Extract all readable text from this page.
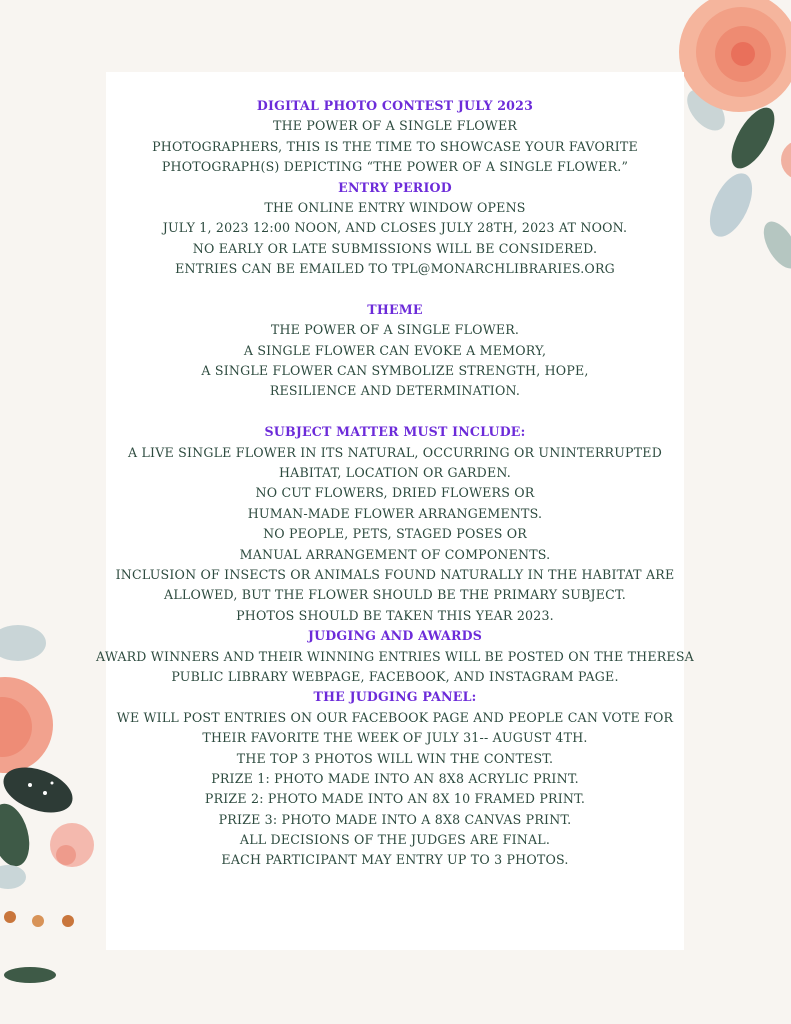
DIGITAL PHOTO CONTEST JULY 2023
THE POWER OF A SINGLE FLOWER
PHOTOGRAPHERS, THIS IS THE TIME TO SHOWCASE YOUR FAVORITE
PHOTOGRAPH(S) DEPICTING “THE POWER OF A SINGLE FLOWER.”
ENTRY PERIOD
THE ONLINE ENTRY WINDOW OPENS
JULY 1, 2023 12:00 NOON, AND CLOSES JULY 28TH, 2023 AT NOON.
NO EARLY OR LATE SUBMISSIONS WILL BE CONSIDERED.
ENTRIES CAN BE EMAILED TO TPL@MONARCHLIBRARIES.ORG
THEME
THE POWER OF A SINGLE FLOWER.
A SINGLE FLOWER CAN EVOKE A MEMORY,
A SINGLE FLOWER CAN SYMBOLIZE STRENGTH, HOPE,
RESILIENCE AND DETERMINATION.
SUBJECT MATTER MUST INCLUDE:
A LIVE SINGLE FLOWER IN ITS NATURAL, OCCURRING OR UNINTERRUPTED
HABITAT, LOCATION OR GARDEN.
NO CUT FLOWERS, DRIED FLOWERS OR
HUMAN-MADE FLOWER ARRANGEMENTS.
NO PEOPLE, PETS, STAGED POSES OR
MANUAL ARRANGEMENT OF COMPONENTS.
INCLUSION OF INSECTS OR ANIMALS FOUND NATURALLY IN THE HABITAT ARE
ALLOWED, BUT THE FLOWER SHOULD BE THE PRIMARY SUBJECT.
PHOTOS SHOULD BE TAKEN THIS YEAR 2023.
JUDGING AND AWARDS
AWARD WINNERS AND THEIR WINNING ENTRIES WILL BE POSTED ON THE THERESA
PUBLIC LIBRARY WEBPAGE, FACEBOOK, AND INSTAGRAM PAGE.
THE JUDGING PANEL:
WE WILL POST ENTRIES ON OUR FACEBOOK PAGE AND PEOPLE CAN VOTE FOR
THEIR FAVORITE THE WEEK OF JULY 31-- AUGUST 4TH.
THE TOP 3 PHOTOS WILL WIN THE CONTEST.
PRIZE 1: PHOTO MADE INTO AN 8X8 ACRYLIC PRINT.
PRIZE 2: PHOTO MADE INTO AN 8X 10 FRAMED PRINT.
PRIZE 3: PHOTO MADE INTO A 8X8 CANVAS PRINT.
ALL DECISIONS OF THE JUDGES ARE FINAL.
EACH PARTICIPANT MAY ENTRY UP TO 3 PHOTOS.
